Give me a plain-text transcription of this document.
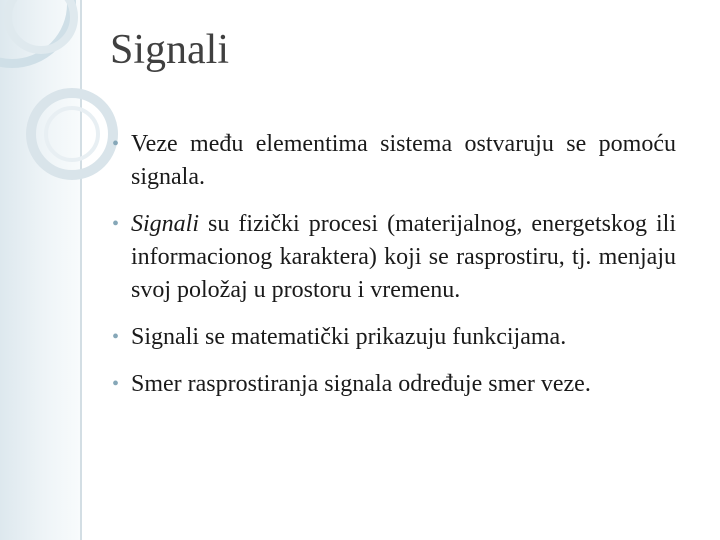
Signali
• Veze među elementima sistema ostvaruju se pomoću signala.
• Signali su fizički procesi (materijalnog, energetskog ili informacionog karaktera) koji se rasprostiru, tj. menjaju svoj položaj u prostoru i vremenu.
• Signali se matematički prikazuju funkcijama.
• Smer rasprostiranja signala određuje smer veze.
